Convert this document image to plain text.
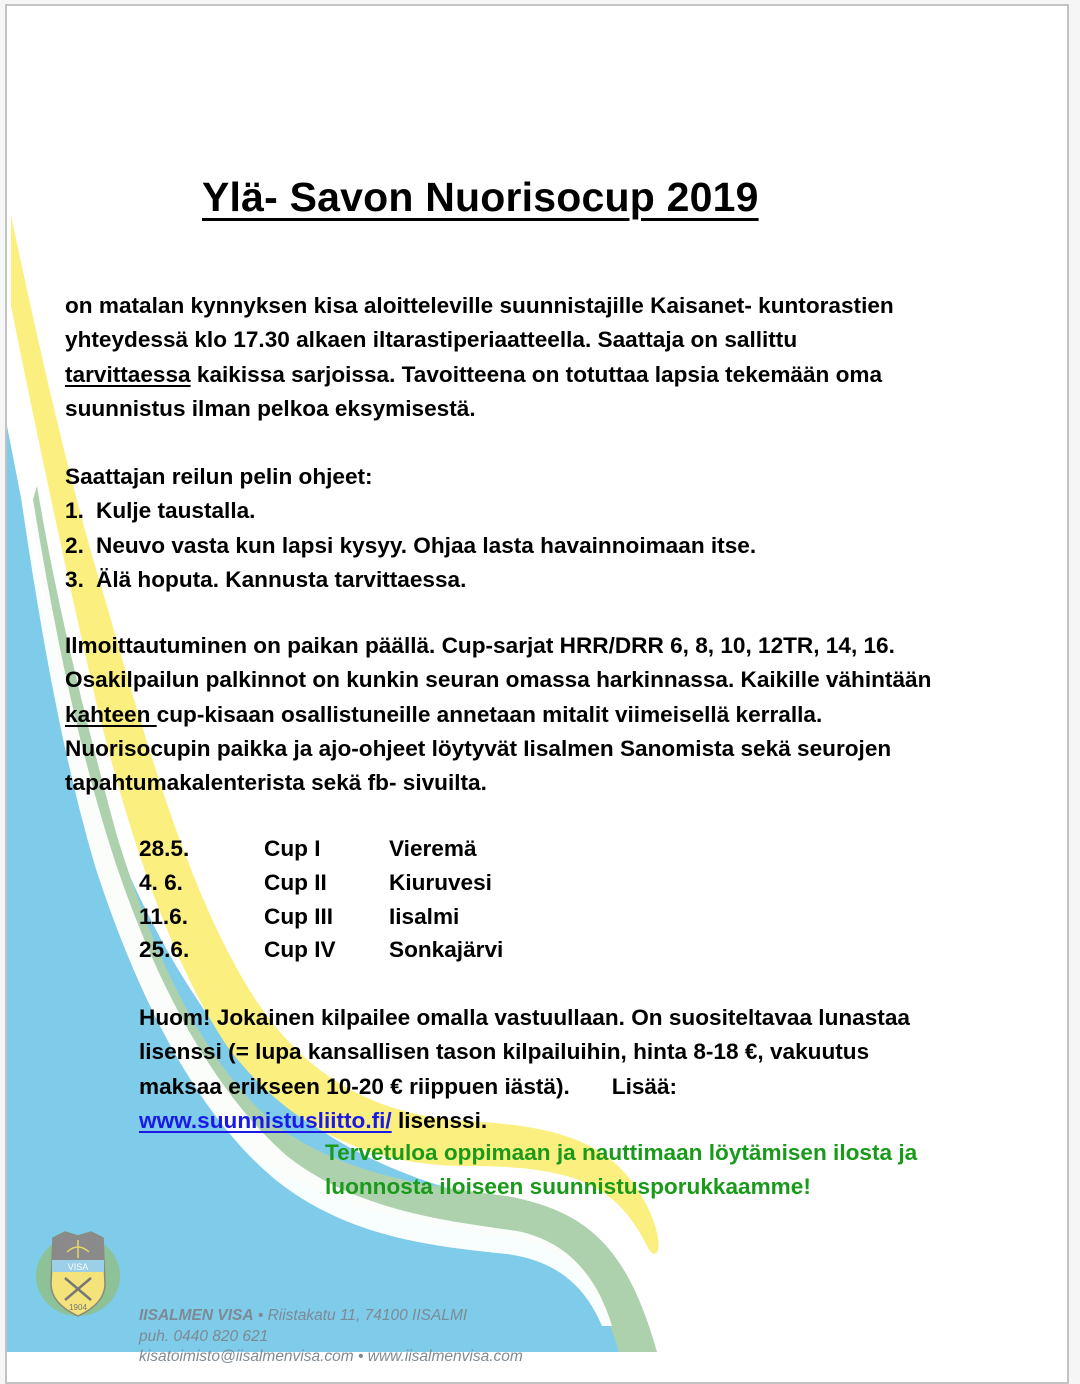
Ylä- Savon Nuorisocup 2019
on matalan kynnyksen kisa aloitteleville suunnistajille Kaisanet- kuntorastien
yhteydessä klo 17.30 alkaen iltarastiperiaatteella. Saattaja on sallittu
tarvittaessa kaikissa sarjoissa. Tavoitteena on totuttaa lapsia tekemään oma
suunnistus ilman pelkoa eksymisestä.
Saattajan reilun pelin ohjeet:
1. Kulje taustalla.
2. Neuvo vasta kun lapsi kysyy. Ohjaa lasta havainnoimaan itse.
3. Älä hoputa. Kannusta tarvittaessa.
Ilmoittautuminen on paikan päällä. Cup-sarjat HRR/DRR 6, 8, 10, 12TR, 14, 16.
Osakilpailun palkinnot on kunkin seuran omassa harkinnassa. Kaikille vähintään
kahteen cup-kisaan osallistuneille annetaan mitalit viimeisellä kerralla.
Nuorisocupin paikka ja ajo-ohjeet löytyvät Iisalmen Sanomista sekä seurojen
tapahtumakalenterista sekä fb- sivuilta.
28.5.	Cup I	Vieremä
4. 6.	Cup II	Kiuruvesi
11.6.	Cup III	Iisalmi
25.6.	Cup IV	Sonkajärvi
Huom! Jokainen kilpailee omalla vastuullaan. On suositeltavaa lunastaa
lisenssi (= lupa kansallisen tason kilpailuihin, hinta 8-18 €, vakuutus
maksaa erikseen 10-20 € riippuen iästä). Lisää:
www.suunnistusliitto.fi/ lisenssi.
Tervetuloa oppimaan ja nauttimaan löytämisen ilosta ja
luonnosta iloiseen suunnistusporukkaamme!
VISA
1904	IISALMEN VISA • Riistakatu 11, 74100 IISALMI
puh. 0440 820 621
kisatoimisto@iisalmenvisa.com • www.iisalmenvisa.com
